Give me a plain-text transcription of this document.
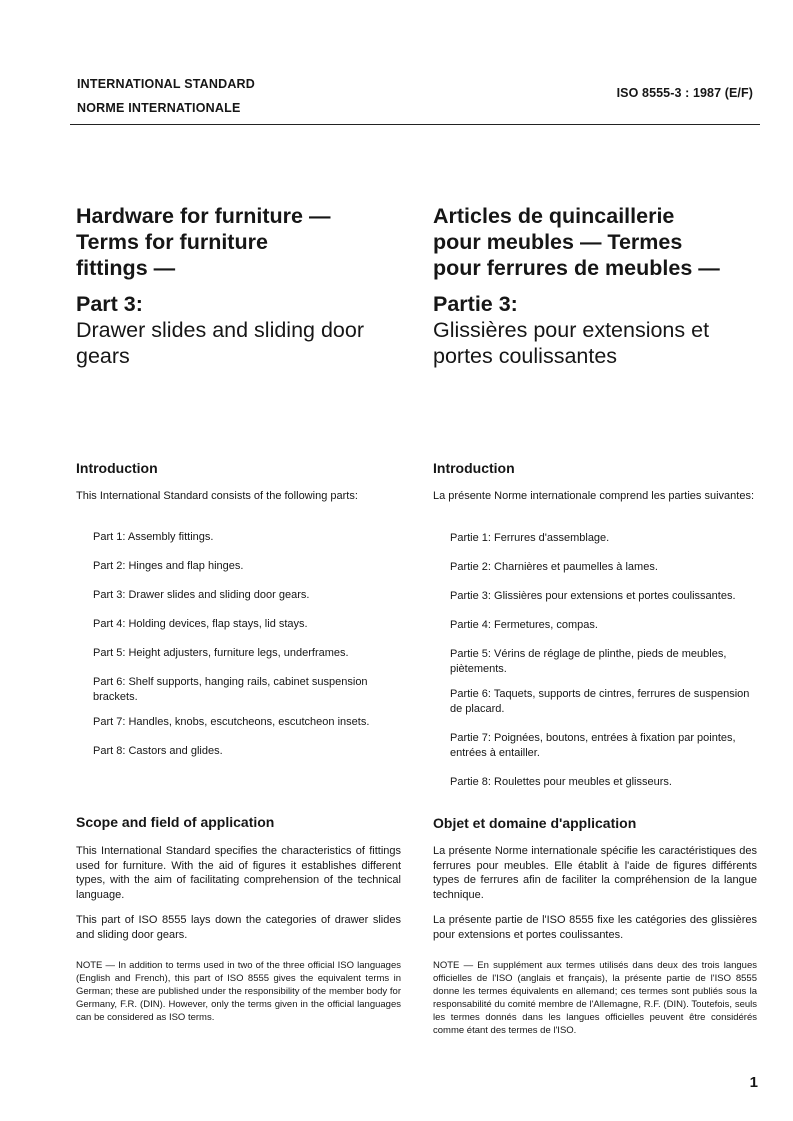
INTERNATIONAL STANDARD
NORME INTERNATIONALE
ISO 8555-3 : 1987 (E/F)
Hardware for furniture —
Terms for furniture
fittings —
Part 3:
Drawer slides and sliding door
gears
Introduction
This International Standard consists of the following parts:
Part 1: Assembly fittings.
Part 2: Hinges and flap hinges.
Part 3: Drawer slides and sliding door gears.
Part 4: Holding devices, flap stays, lid stays.
Part 5: Height adjusters, furniture legs, underframes.
Part 6: Shelf supports, hanging rails, cabinet suspension brackets.
Part 7: Handles, knobs, escutcheons, escutcheon insets.
Part 8: Castors and glides.
Scope and field of application
This International Standard specifies the characteristics of fittings used for furniture. With the aid of figures it establishes different types, with the aim of facilitating comprehension of the technical language.
This part of ISO 8555 lays down the categories of drawer slides and sliding door gears.
NOTE — In addition to terms used in two of the three official ISO languages (English and French), this part of ISO 8555 gives the equivalent terms in German; these are published under the responsibility of the member body for Germany, F.R. (DIN). However, only the terms given in the official languages can be considered as ISO terms.
Articles de quincaillerie
pour meubles — Termes
pour ferrures de meubles —
Partie 3:
Glissières pour extensions et
portes coulissantes
Introduction
La présente Norme internationale comprend les parties suivantes:
Partie 1: Ferrures d'assemblage.
Partie 2: Charnières et paumelles à lames.
Partie 3: Glissières pour extensions et portes coulissantes.
Partie 4: Fermetures, compas.
Partie 5: Vérins de réglage de plinthe, pieds de meubles, piètements.
Partie 6: Taquets, supports de cintres, ferrures de suspension de placard.
Partie 7: Poignées, boutons, entrées à fixation par pointes, entrées à entailler.
Partie 8: Roulettes pour meubles et glisseurs.
Objet et domaine d'application
La présente Norme internationale spécifie les caractéristiques des ferrures pour meubles. Elle établit à l'aide de figures différents types de ferrures afin de faciliter la compréhension de la langue technique.
La présente partie de l'ISO 8555 fixe les catégories des glissières pour extensions et portes coulissantes.
NOTE — En supplément aux termes utilisés dans deux des trois langues officielles de l'ISO (anglais et français), la présente partie de l'ISO 8555 donne les termes équivalents en allemand; ces termes sont publiés sous la responsabilité du comité membre de l'Allemagne, R.F. (DIN). Toutefois, seuls les termes donnés dans les langues officielles peuvent être considérés comme étant des termes de l'ISO.
1
